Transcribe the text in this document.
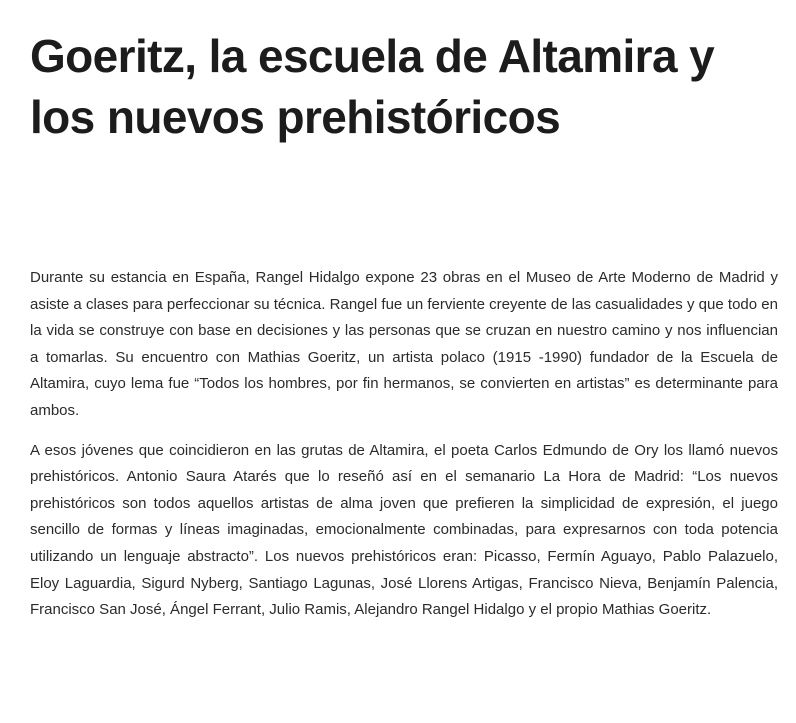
Goeritz, la escuela de Altamira y los nuevos prehistóricos

Durante su estancia en España, Rangel Hidalgo expone 23 obras en el Museo de Arte Moderno de Madrid y asiste a clases para perfeccionar su técnica. Rangel fue un ferviente creyente de las casualidades y que todo en la vida se construye con base en decisiones y las personas que se cruzan en nuestro camino y nos influencian a tomarlas. Su encuentro con Mathias Goeritz, un artista polaco (1915 -1990) fundador de la Escuela de Altamira, cuyo lema fue “Todos los hombres, por fin hermanos, se convierten en artistas” es determinante para ambos.

A esos jóvenes que coincidieron en las grutas de Altamira, el poeta Carlos Edmundo de Ory los llamó nuevos prehistóricos. Antonio Saura Atarés que lo reseñó así en el semanario La Hora de Madrid: “Los nuevos prehistóricos son todos aquellos artistas de alma joven que prefieren la simplicidad de expresión, el juego sencillo de formas y líneas imaginadas, emocionalmente combinadas, para expresarnos con toda potencia utilizando un lenguaje abstracto”. Los nuevos prehistóricos eran: Picasso, Fermín Aguayo, Pablo Palazuelo, Eloy Laguardia, Sigurd Nyberg, Santiago Lagunas, José Llorens Artigas, Francisco Nieva, Benjamín Palencia, Francisco San José, Ángel Ferrant, Julio Ramis, Alejandro Rangel Hidalgo y el propio Mathias Goeritz.
